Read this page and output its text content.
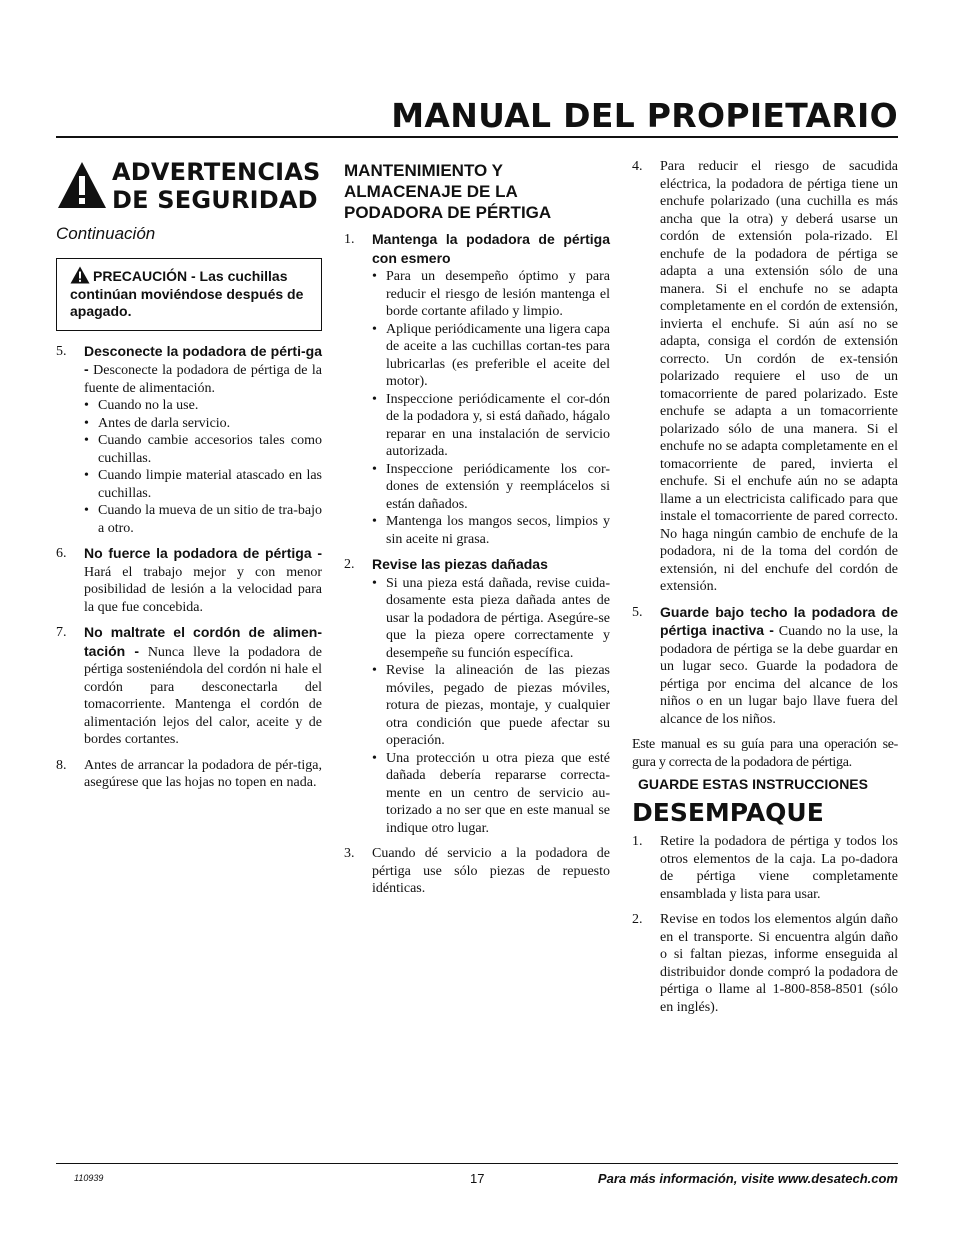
MANUAL DEL PROPIETARIO
ADVERTENCIAS
DE SEGURIDAD
Continuación
PRECAUCIÓN - Las cuchillas continúan moviéndose después de apagado.
5. Desconecte la podadora de pérti-ga - Desconecte la podadora de pértiga de la fuente de alimentación.
• Cuando no la use.
• Antes de darla servicio.
• Cuando cambie accesorios tales como cuchillas.
• Cuando limpie material atascado en las cuchillas.
• Cuando la mueva de un sitio de tra-bajo a otro.
6. No fuerce la podadora de pértiga - Hará el trabajo mejor y con menor posibilidad de lesión a la velocidad para la que fue concebida.
7. No maltrate el cordón de alimen-tación - Nunca lleve la podadora de pértiga sosteniéndola del cordón ni hale el cordón para desconectarla del tomacorriente. Mantenga el cordón de alimentación lejos del calor, aceite y de bordes cortantes.
8. Antes de arrancar la podadora de pér-tiga, asegúrese que las hojas no topen en nada.
MANTENIMIENTO Y ALMACENAJE DE LA PODADORA DE PÉRTIGA
1. Mantenga la podadora de pértiga con esmero
• Para un desempeño óptimo y para reducir el riesgo de lesión mantenga el borde cortante afilado y limpio.
• Aplique periódicamente una ligera capa de aceite a las cuchillas cortan-tes para lubricarlas (es preferible el aceite del motor).
• Inspeccione periódicamente el cor-dón de la podadora y, si está dañado, hágalo reparar en una instalación de servicio autorizada.
• Inspeccione periódicamente los cor-dones de extensión y reemplácelos si están dañados.
• Mantenga los mangos secos, limpios y sin aceite ni grasa.
2. Revise las piezas dañadas
• Si una pieza está dañada, revise cuida-dosamente esta pieza dañada antes de usar la podadora de pértiga. Asegúre-se que la pieza opere correctamente y desempeñe su función específica.
• Revise la alineación de las piezas móviles, pegado de piezas móviles, rotura de piezas, montaje, y cualquier otra condición que puede afectar su operación.
• Una protección u otra pieza que esté dañada debería repararse correcta-mente en un centro de servicio au-torizado a no ser que en este manual se indique otro lugar.
3. Cuando dé servicio a la podadora de pértiga use sólo piezas de repuesto idénticas.
4. Para reducir el riesgo de sacudida eléctrica, la podadora de pértiga tiene un enchufe polarizado (una cuchilla es más ancha que la otra) y deberá usarse un cordón de extensión pola-rizado. El enchufe de la podadora de pértiga se adapta a una extensión sólo de una manera. Si el enchufe no se adapta completamente en el cordón de extensión, invierta el enchufe. Si aún así no se adapta, consiga el cordón de extensión correcto. Un cordón de ex-tensión polarizado requiere el uso de un tomacorriente de pared polarizado. Este enchufe se adapta a un tomacorriente polarizado sólo de una manera. Si el enchufe no se adapta completamente en el tomacorriente de pared, invierta el enchufe. Si el enchufe aún no se adapta llame a un electricista calificado para que instale el tomacorriente de pared correcto. No haga ningún cambio de enchufe de la podadora, ni de la toma del cordón de extensión, ni del enchufe del cordón de extensión.
5. Guarde bajo techo la podadora de pértiga inactiva - Cuando no la use, la podadora de pértiga se la debe guardar en un lugar seco. Guarde la podadora de pértiga por encima del alcance de los niños o en un lugar bajo llave fuera del alcance de los niños.
Este manual es su guía para una operación se-gura y correcta de la podadora de pértiga.
GUARDE ESTAS INSTRUCCIONES
DESEMPAQUE
1. Retire la podadora de pértiga y todos los otros elementos de la caja. La po-dadora de pértiga viene completamente ensamblada y lista para usar.
2. Revise en todos los elementos algún daño en el transporte. Si encuentra algún daño o si faltan piezas, informe enseguida al distribuidor donde compró la podadora de pértiga o llame al 1-800-858-8501 (sólo en inglés).
110939	17	Para más información, visite www.desatech.com
